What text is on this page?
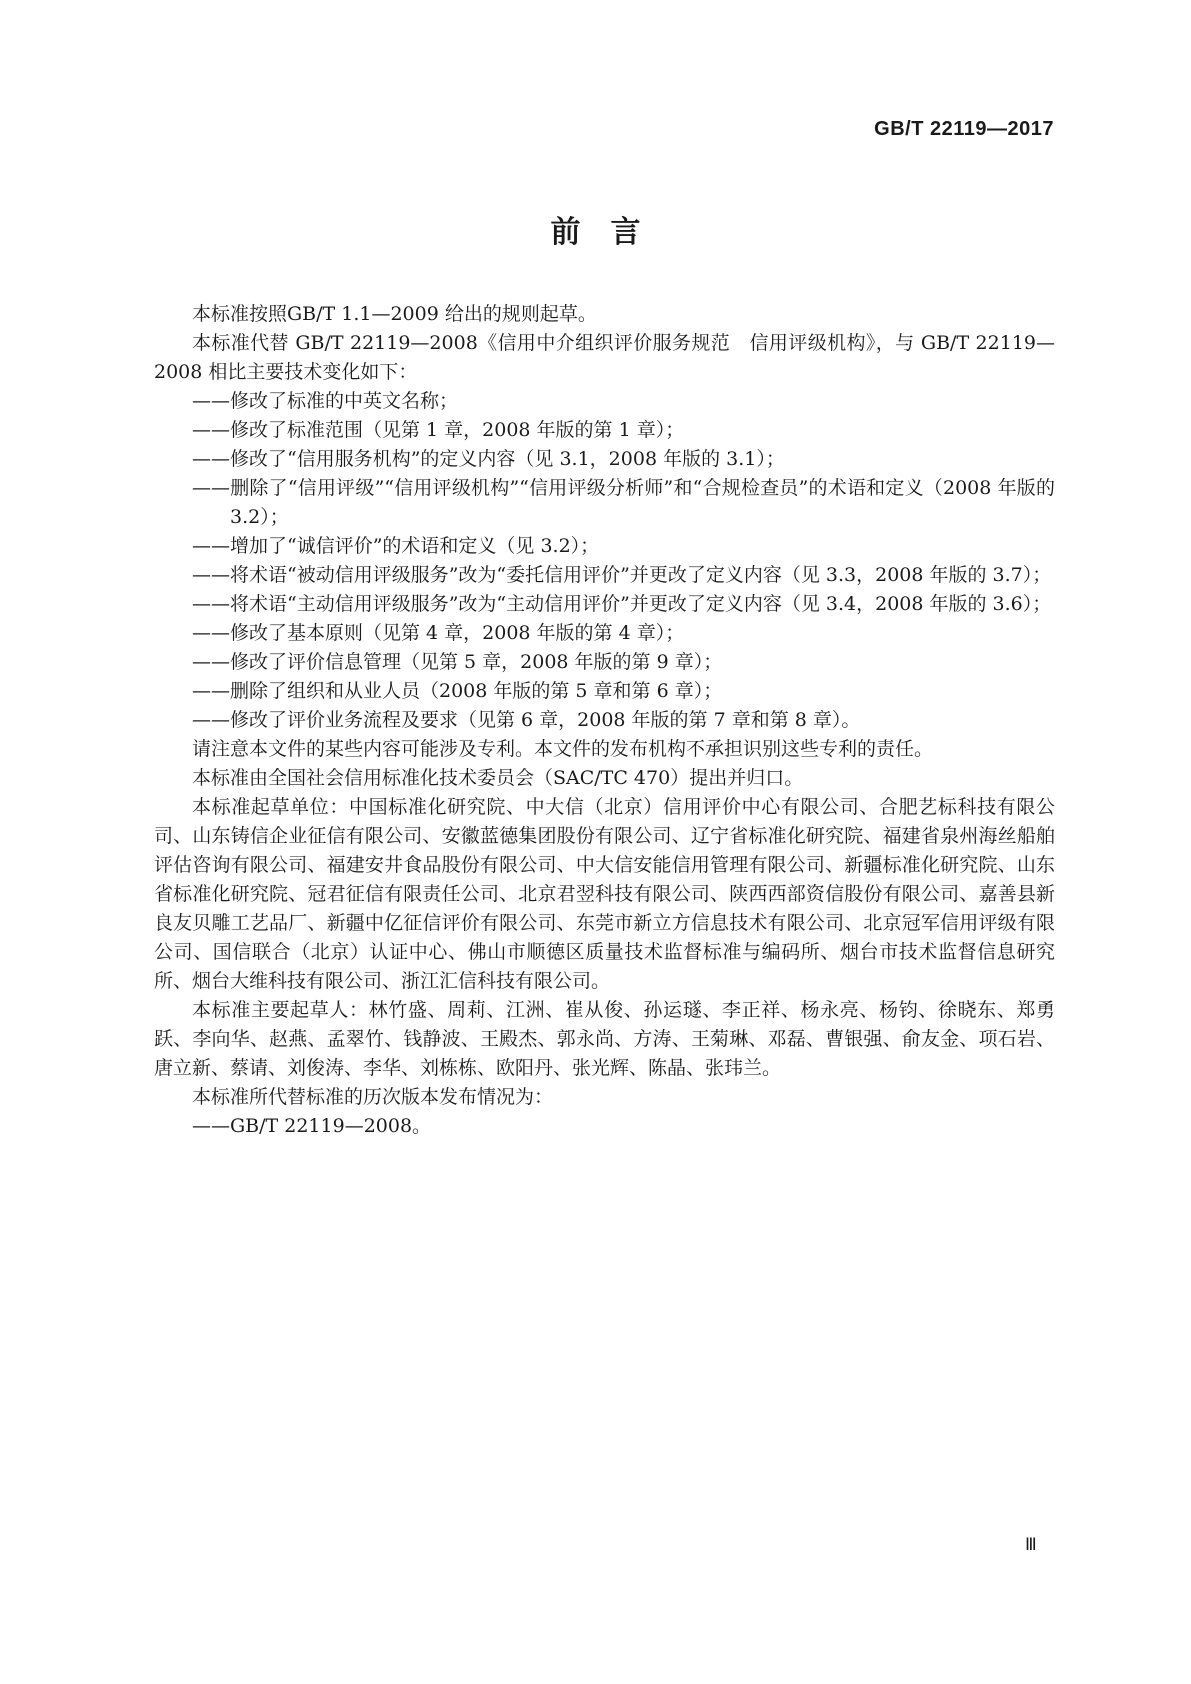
GB/T 22119—2017
前言

本标准按照GB/T 1.1—2009 给出的规则起草。

本标准代替 GB/T 22119—2008《信用中介组织评价服务规范　信用评级机构》，与 GB/T 22119—2008 相比主要技术变化如下：

——修改了标准的中英文名称；

——修改了标准范围（见第 1 章，2008 年版的第 1 章）；

——修改了“信用服务机构”的定义内容（见 3.1，2008 年版的 3.1）；

——删除了“信用评级”“信用评级机构”“信用评级分析师”和“合规检查员”的术语和定义（2008 年版的 3.2）；

——增加了“诚信评价”的术语和定义（见 3.2）；

——将术语“被动信用评级服务”改为“委托信用评价”并更改了定义内容（见 3.3，2008 年版的 3.7）；

——将术语“主动信用评级服务”改为“主动信用评价”并更改了定义内容（见 3.4，2008 年版的 3.6）；

——修改了基本原则（见第 4 章，2008 年版的第 4 章）；

——修改了评价信息管理（见第 5 章，2008 年版的第 9 章）；

——删除了组织和从业人员（2008 年版的第 5 章和第 6 章）；

——修改了评价业务流程及要求（见第 6 章，2008 年版的第 7 章和第 8 章）。

请注意本文件的某些内容可能涉及专利。本文件的发布机构不承担识别这些专利的责任。

本标准由全国社会信用标准化技术委员会（SAC/TC 470）提出并归口。

本标准起草单位：中国标准化研究院、中大信（北京）信用评价中心有限公司、合肥艺标科技有限公司、山东铸信企业征信有限公司、安徽蓝德集团股份有限公司、辽宁省标准化研究院、福建省泉州海丝船舶评估咨询有限公司、福建安井食品股份有限公司、中大信安能信用管理有限公司、新疆标准化研究院、山东省标准化研究院、冠君征信有限责任公司、北京君翌科技有限公司、陕西西部资信股份有限公司、嘉善县新良友贝雕工艺品厂、新疆中亿征信评价有限公司、东莞市新立方信息技术有限公司、北京冠军信用评级有限公司、国信联合（北京）认证中心、佛山市顺德区质量技术监督标准与编码所、烟台市技术监督信息研究所、烟台大维科技有限公司、浙江汇信科技有限公司。

本标准主要起草人：林竹盛、周莉、江洲、崔从俊、孙运璲、李正祥、杨永亮、杨钧、徐晓东、郑勇跃、李向华、赵燕、孟翠竹、钱静波、王殿杰、郭永尚、方涛、王菊琳、邓磊、曹银强、俞友金、项石岩、唐立新、蔡请、刘俊涛、李华、刘栋栋、欧阳丹、张光辉、陈晶、张玮兰。

本标准所代替标准的历次版本发布情况为：

——GB/T 22119—2008。

Ⅲ
